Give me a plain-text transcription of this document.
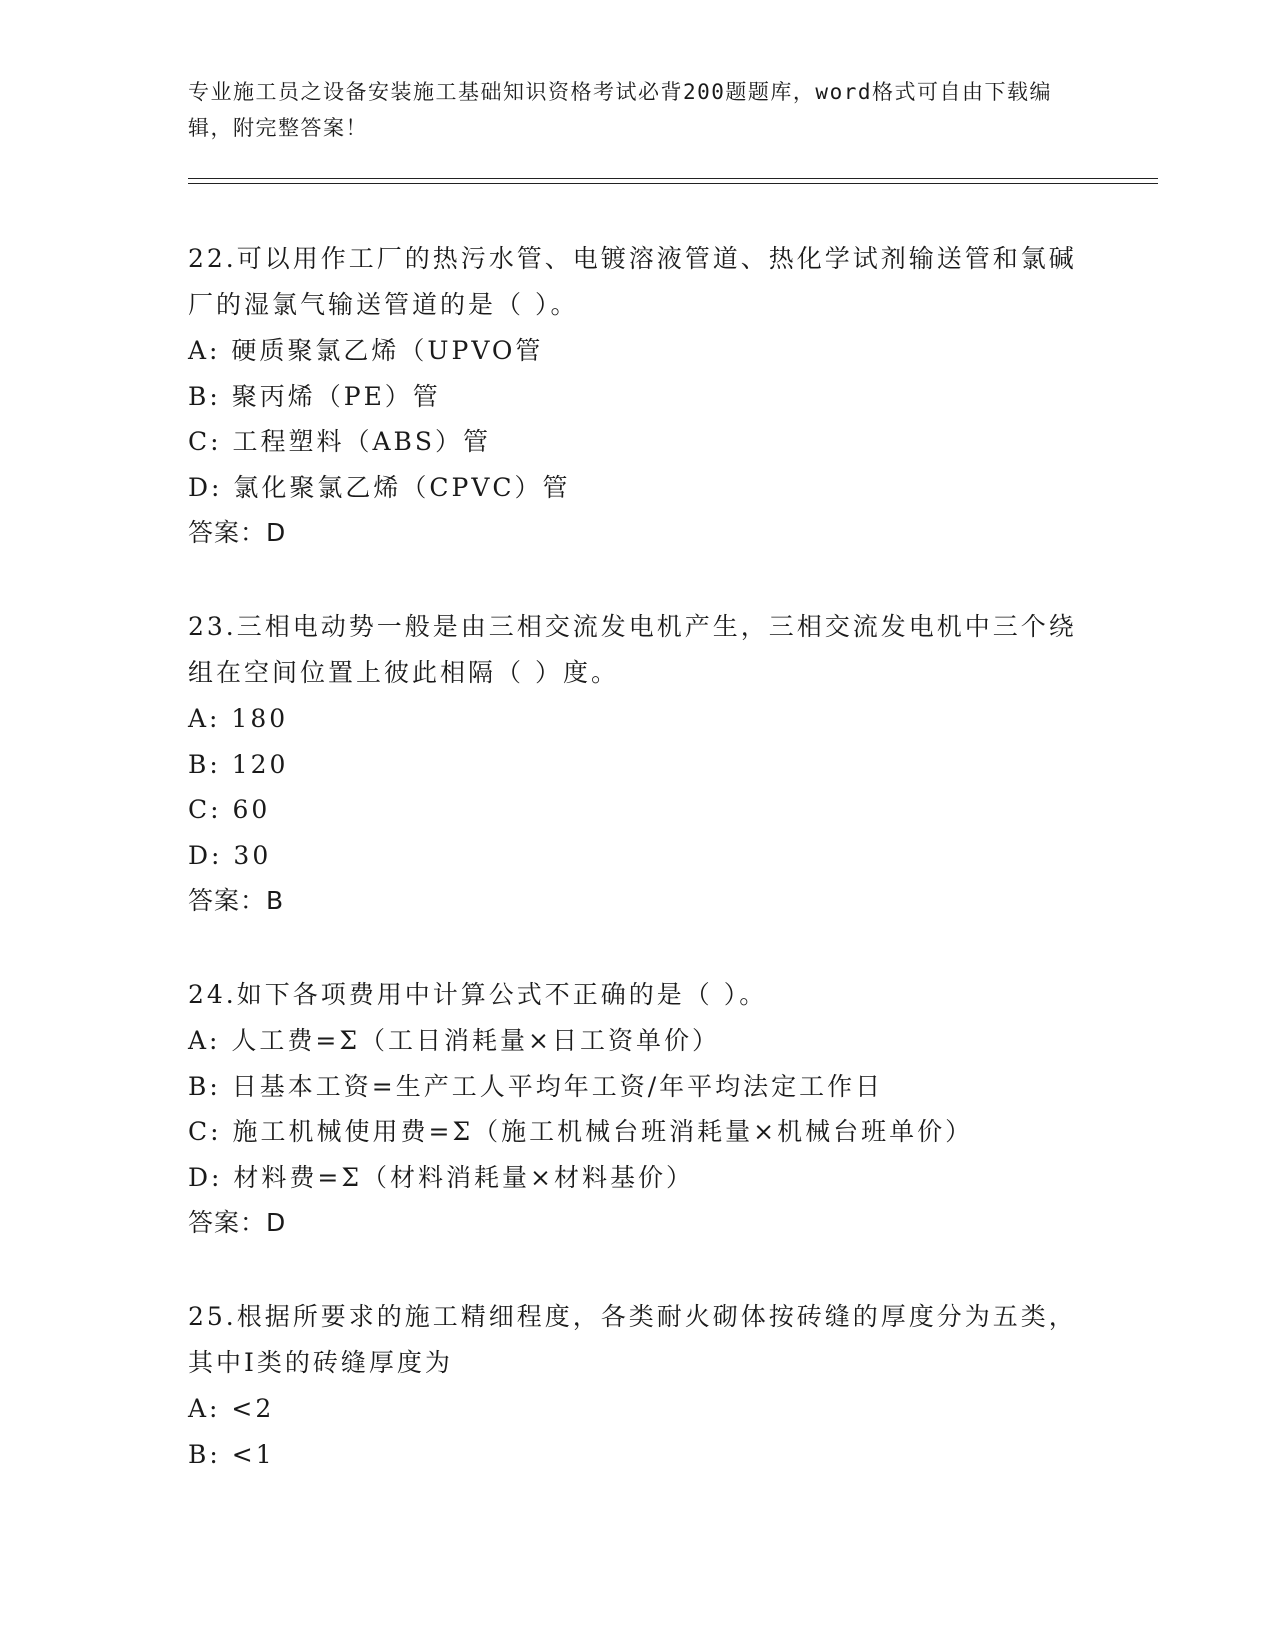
专业施工员之设备安装施工基础知识资格考试必背200题题库，word格式可自由下载编辑，附完整答案！
22.可以用作工厂的热污水管、电镀溶液管道、热化学试剂输送管和氯碱厂的湿氯气输送管道的是（ ）。
A: 硬质聚氯乙烯（UPVO管
B: 聚丙烯（PE）管
C: 工程塑料（ABS）管
D: 氯化聚氯乙烯（CPVC）管
答案：D
23.三相电动势一般是由三相交流发电机产生，三相交流发电机中三个绕组在空间位置上彼此相隔（ ）度。
A: 180
B: 120
C: 60
D: 30
答案：B
24.如下各项费用中计算公式不正确的是（ ）。
A: 人工费=Σ（工日消耗量×日工资单价）
B: 日基本工资=生产工人平均年工资/年平均法定工作日
C: 施工机械使用费=Σ（施工机械台班消耗量×机械台班单价）
D: 材料费=Σ（材料消耗量×材料基价）
答案：D
25.根据所要求的施工精细程度，各类耐火砌体按砖缝的厚度分为五类，其中Ⅰ类的砖缝厚度为
A: <2
B: <1
